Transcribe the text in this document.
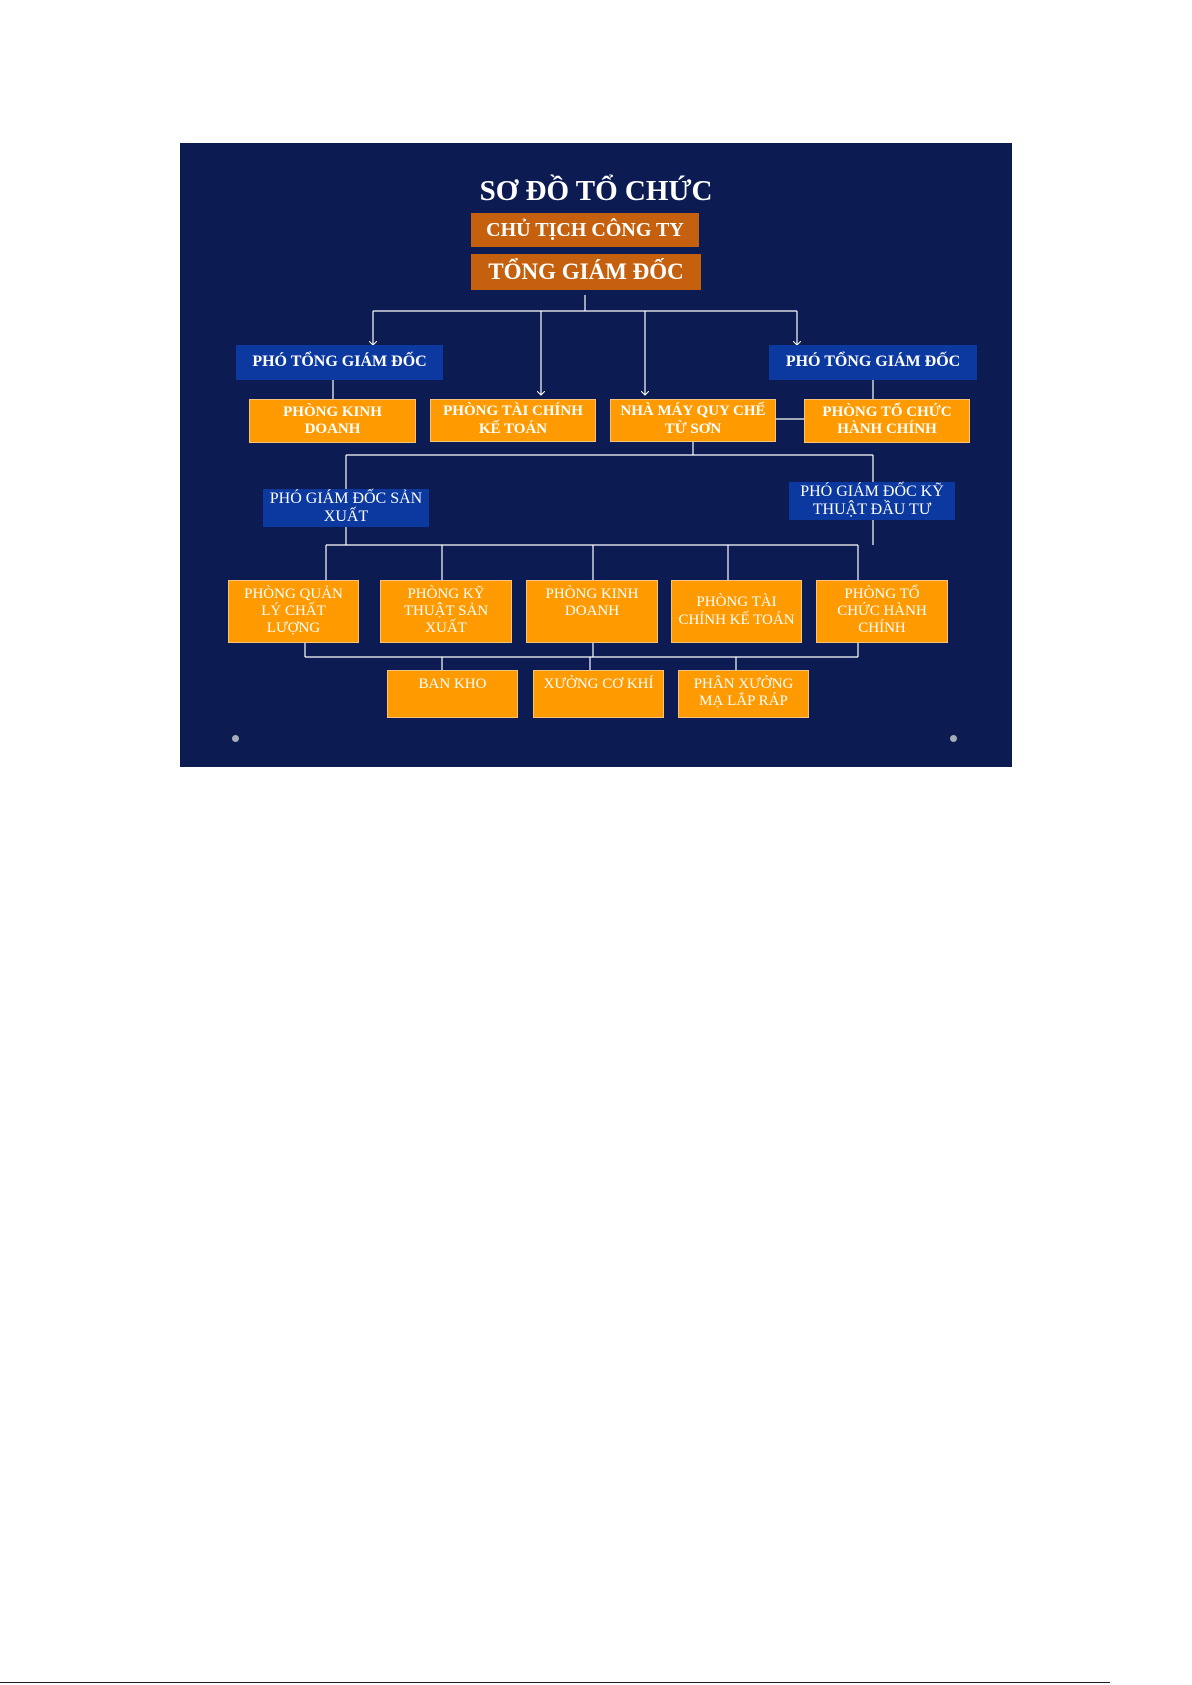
SƠ ĐỒ TỔ CHỨC
CHỦ TỊCH CÔNG TY
TỔNG GIÁM ĐỐC
PHÓ TỔNG GIÁM ĐỐC	PHÓ TỔNG GIÁM ĐỐC
PHÒNG KINH DOANH
PHÒNG TÀI CHÍNH KẾ TOÁN
NHÀ MÁY QUY CHẾ TỪ SƠN
PHÒNG TỔ CHỨC HÀNH CHÍNH
PHÓ GIÁM ĐỐC SẢN XUẤT
PHÓ GIÁM ĐỐC KỸ THUẬT ĐẦU TƯ
PHÒNG QUẢN LÝ CHẤT LƯỢNG
PHÒNG KỸ THUẬT SẢN XUẤT
PHÒNG KINH DOANH
PHÒNG TÀI CHÍNH KẾ TOÁN
PHÒNG TỔ CHỨC HÀNH CHÍNH
BAN KHO	XƯỞNG CƠ KHÍ	PHÂN XƯỞNG MẠ LẮP RÁP
